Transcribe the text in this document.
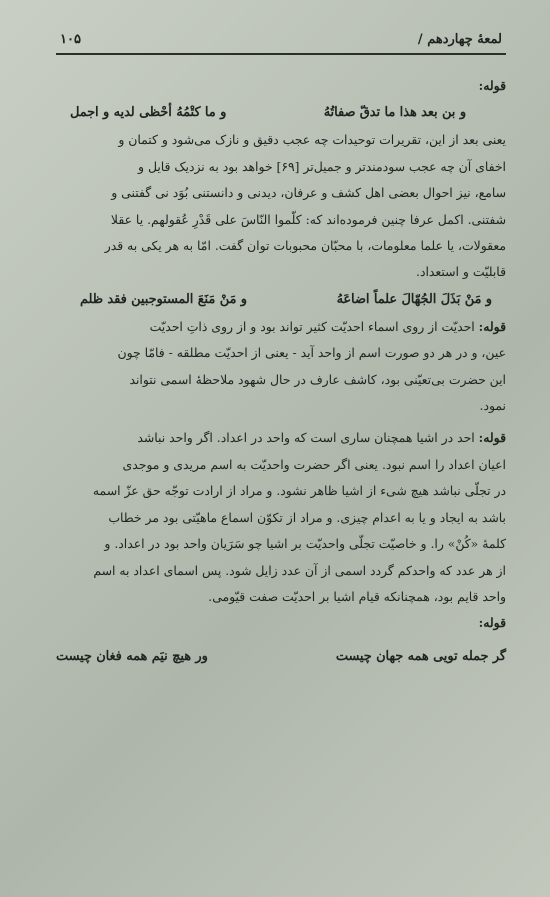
لمعهٔ چهاردهم /
۱۰۵
قوله:
و بن بعد هذا ما تدقّ صفاتُهُ
و ما کتْمُهُ أحْظی لدیه و اجمل
یعنی بعد از این، تقریرات توحیدات چه عجب دقیق و نازک می‌شود و کتمان و
اخفای آن چه عجب سودمندتر و جمیل‌تر [۶۹] خواهد بود به نزدیک قایل و
سامع، نیز احوال بعضی اهل کشف و عرفان، دیدنی و دانستنی بُوَد نی گفتنی و
شفتنی. اکمل عرفا چنین فرموده‌اند که: کلّموا النّاسَ علی قَدْرِ عُقولهم. یا عقلا
معقولات، یا علما معلومات، با محبّان محبوبات توان گفت. امّا به هر یکی به قدر
قابلیّت و استعداد.
و مَنْ بَذَلَ الجُهّالَ علماً اضاعَهُ
و مَنْ مَنَعَ المستوجبین فقد ظلم
قوله: احدیّت از روی اسماء احدیّت کثیر تواند بود و از روی ذاتِ احدیّت
عین، و در هر دو صورت اسم از واحد آید - یعنی از احدیّت مطلقه - فامّا چون
این حضرت بی‌تعیّنی بود، کاشف عارف در حال شهود ملاحظهٔ اسمی نتواند
نمود.
قوله: احد در اشیا همچنان ساری است که واحد در اعداد. اگر واحد نباشد
اعیان اعداد را اسم نبود. یعنی اگر حضرت واحدیّت به اسم مریدی و موجدی
در تجلّی نباشد هیچ شیء از اشیا ظاهر نشود. و مراد از ارادت توجّه حق عزّ اسمه
باشد به ایجاد و یا به اعدام چیزی. و مراد از تکوّن اسماع ماهیّتی بود مر خطاب
کلمهٔ «کُنْ» را. و خاصیّت تجلّی واحدیّت بر اشیا چو سَرَیان واحد بود در اعداد. و
از هر عدد که واحدکم گردد اسمی از آن عدد زایل شود. پس اسمای اعداد به اسم
واحد قایم بود، همچنانکه قیام اشیا بر احدیّت صفت قیّومی.
قوله:
گر جمله تویی همه جهان چیست
ور هیچ نیَم همه فغان چیست
